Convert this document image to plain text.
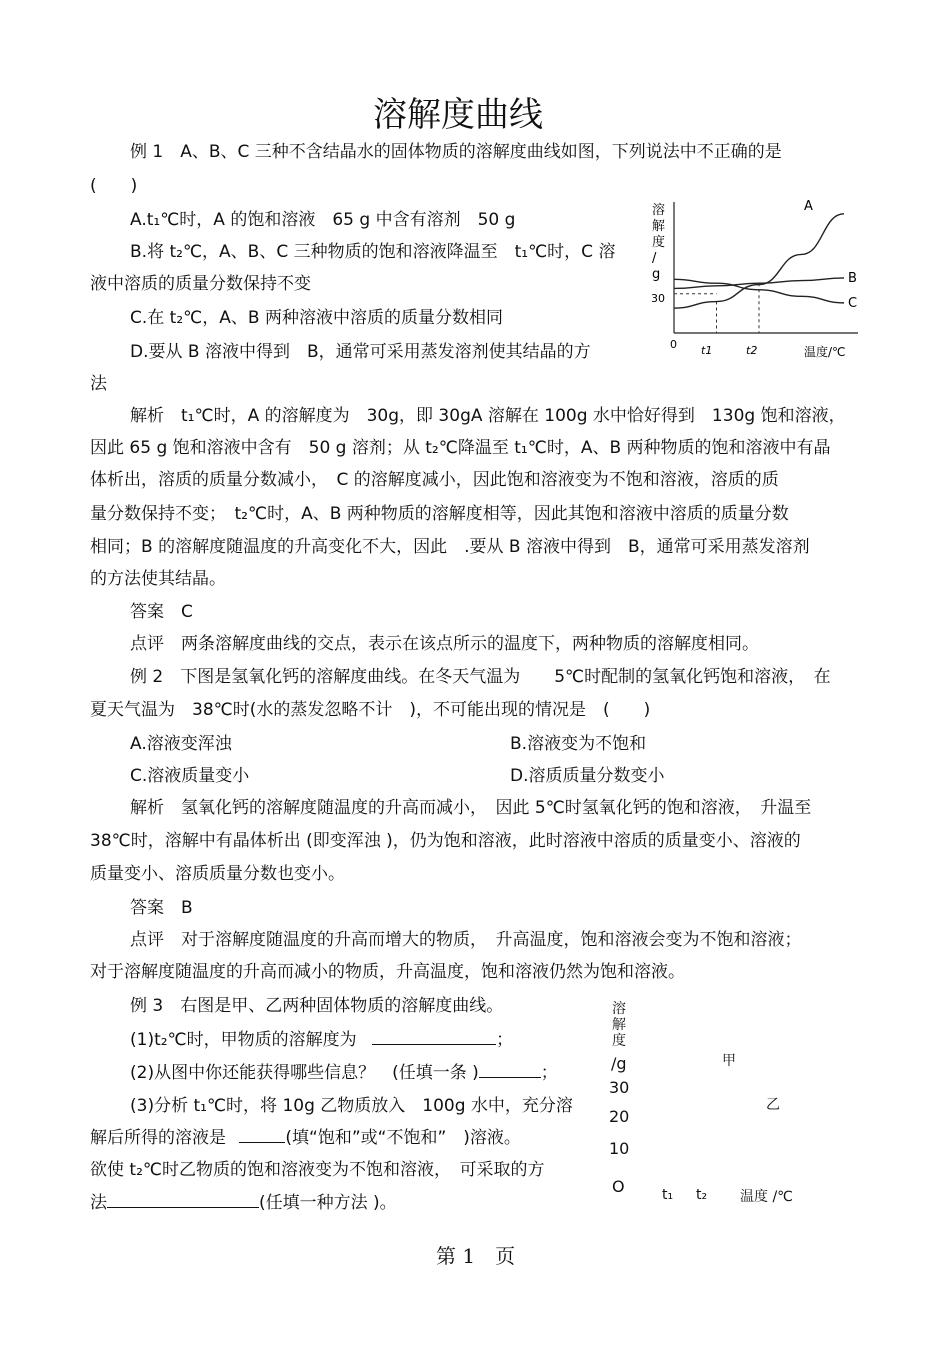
溶解度曲线
例 1　A、B、C 三种不含结晶水的固体物质的溶解度曲线如图，下列说法中不正确的是
(　　)
A.t₁℃时，A 的饱和溶液　65 g 中含有溶剂　50 g
B.将 t₂℃，A、B、C 三种物质的饱和溶液降温至　t₁℃时，C 溶
液中溶质的质量分数保持不变
C.在 t₂℃，A、B 两种溶液中溶质的质量分数相同
D.要从 B 溶液中得到　B，通常可采用蒸发溶剂使其结晶的方
法
溶
解
度
/
g
30
0 t1	t2	温度/℃
A
B
C
解析　t₁℃时，A 的溶解度为　30g，即 30gA 溶解在 100g 水中恰好得到　130g 饱和溶液，
因此 65 g 饱和溶液中含有　50 g 溶剂；从 t₂℃降温至 t₁℃时，A、B 两种物质的饱和溶液中有晶
体析出，溶质的质量分数减小，　C 的溶解度减小，因此饱和溶液变为不饱和溶液，溶质的质
量分数保持不变；　t₂℃时，A、B 两种物质的溶解度相等，因此其饱和溶液中溶质的质量分数
相同；B 的溶解度随温度的升高变化不大，因此　.要从 B 溶液中得到　B，通常可采用蒸发溶剂
的方法使其结晶。
答案　C
点评　两条溶解度曲线的交点，表示在该点所示的温度下，两种物质的溶解度相同。
例 2　下图是氢氧化钙的溶解度曲线。在冬天气温为　　5℃时配制的氢氧化钙饱和溶液，　在
夏天气温为　38℃时(水的蒸发忽略不计　)，不可能出现的情况是　(　　)
A.溶液变浑浊	B.溶液变为不饱和
C.溶液质量变小	D.溶质质量分数变小
解析　氢氧化钙的溶解度随温度的升高而减小，　因此 5℃时氢氧化钙的饱和溶液，　升温至
38℃时，溶解中有晶体析出 (即变浑浊 )，仍为饱和溶液，此时溶液中溶质的质量变小、溶液的
质量变小、溶质质量分数也变小。
答案　B
点评　对于溶解度随温度的升高而增大的物质，　升高温度，饱和溶液会变为不饱和溶液；
对于溶解度随温度的升高而减小的物质，升高温度，饱和溶液仍然为饱和溶液。
例 3　右图是甲、乙两种固体物质的溶解度曲线。
(1)t₂℃时，甲物质的溶解度为	；
(2)从图中你还能获得哪些信息？　(任填一条 )	；
(3)分析 t₁℃时，将 10g 乙物质放入　100g 水中，充分溶
解后所得的溶液是	(填“饱和”或“不饱和”　)溶液。
欲使 t₂℃时乙物质的饱和溶液变为不饱和溶液，　可采取的方
法	(任填一种方法 )。
溶
解
度
/g
30
20
10
O	t₁ t₂ 温度 /℃
甲
乙
第 1　页
